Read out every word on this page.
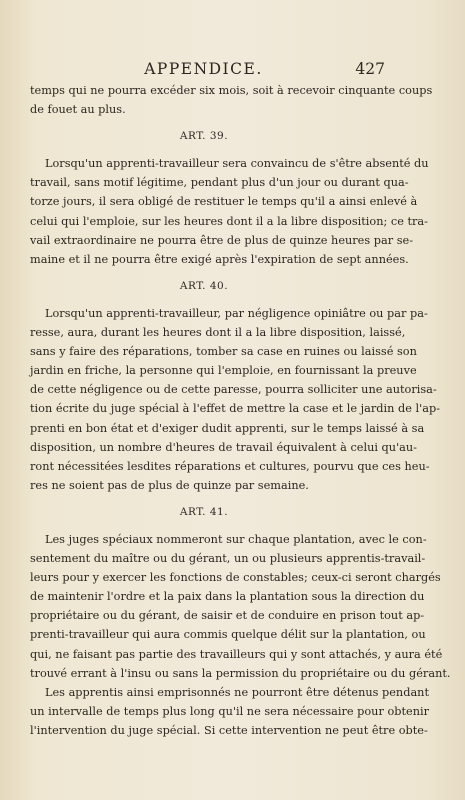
APPENDICE.	427

temps qui ne pourra excéder six mois, soit à recevoir cinquante coups
de fouet au plus.

ART. 39.

Lorsqu'un apprenti-travailleur sera convaincu de s'être absenté du
travail, sans motif légitime, pendant plus d'un jour ou durant qua-
torze jours, il sera obligé de restituer le temps qu'il a ainsi enlevé à
celui qui l'emploie, sur les heures dont il a la libre disposition; ce tra-
vail extraordinaire ne pourra être de plus de quinze heures par se-
maine et il ne pourra être exigé après l'expiration de sept années.

ART. 40.

Lorsqu'un apprenti-travailleur, par négligence opiniâtre ou par pa-
resse, aura, durant les heures dont il a la libre disposition, laissé,
sans y faire des réparations, tomber sa case en ruines ou laissé son
jardin en friche, la personne qui l'emploie, en fournissant la preuve
de cette négligence ou de cette paresse, pourra solliciter une autorisa-
tion écrite du juge spécial à l'effet de mettre la case et le jardin de l'ap-
prenti en bon état et d'exiger dudit apprenti, sur le temps laissé à sa
disposition, un nombre d'heures de travail équivalent à celui qu'au-
ront nécessitées lesdites réparations et cultures, pourvu que ces heu-
res ne soient pas de plus de quinze par semaine.

ART. 41.

Les juges spéciaux nommeront sur chaque plantation, avec le con-
sentement du maître ou du gérant, un ou plusieurs apprentis-travail-
leurs pour y exercer les fonctions de constables; ceux-ci seront chargés
de maintenir l'ordre et la paix dans la plantation sous la direction du
propriétaire ou du gérant, de saisir et de conduire en prison tout ap-
prenti-travailleur qui aura commis quelque délit sur la plantation, ou
qui, ne faisant pas partie des travailleurs qui y sont attachés, y aura été
trouvé errant à l'insu ou sans la permission du propriétaire ou du gérant.

Les apprentis ainsi emprisonnés ne pourront être détenus pendant
un intervalle de temps plus long qu'il ne sera nécessaire pour obtenir
l'intervention du juge spécial. Si cette intervention ne peut être obte-
